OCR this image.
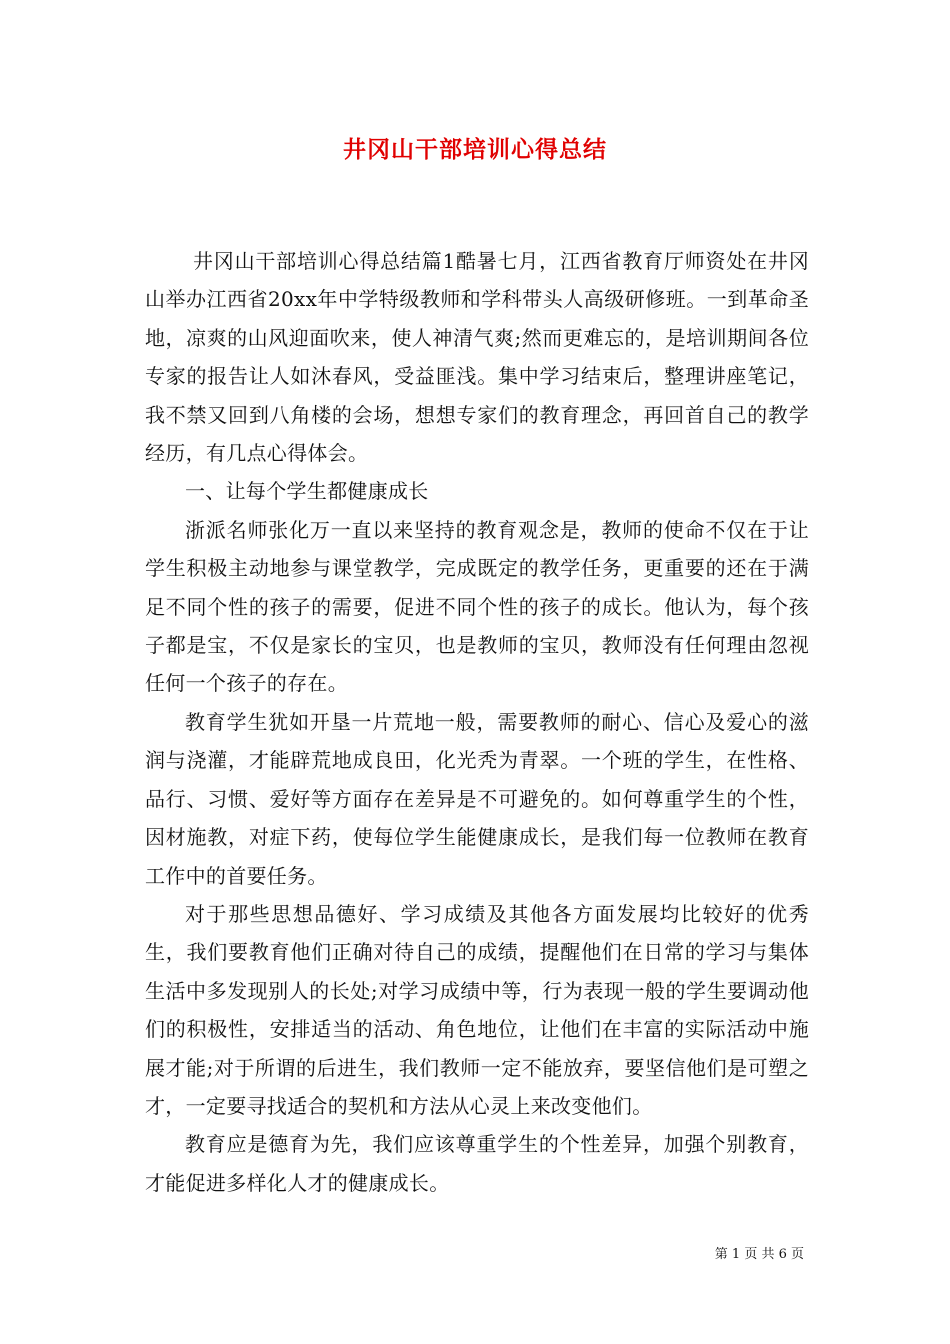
井冈山干部培训心得总结

井冈山干部培训心得总结篇1酷暑七月，江西省教育厅师资处在井冈山举办江西省20xx年中学特级教师和学科带头人高级研修班。一到革命圣地，凉爽的山风迎面吹来，使人神清气爽;然而更难忘的，是培训期间各位专家的报告让人如沐春风，受益匪浅。集中学习结束后，整理讲座笔记，我不禁又回到八角楼的会场，想想专家们的教育理念，再回首自己的教学经历，有几点心得体会。

一、让每个学生都健康成长

浙派名师张化万一直以来坚持的教育观念是，教师的使命不仅在于让学生积极主动地参与课堂教学，完成既定的教学任务，更重要的还在于满足不同个性的孩子的需要，促进不同个性的孩子的成长。他认为，每个孩子都是宝，不仅是家长的宝贝，也是教师的宝贝，教师没有任何理由忽视任何一个孩子的存在。

教育学生犹如开垦一片荒地一般，需要教师的耐心、信心及爱心的滋润与浇灌，才能辟荒地成良田，化光秃为青翠。一个班的学生，在性格、品行、习惯、爱好等方面存在差异是不可避免的。如何尊重学生的个性，因材施教，对症下药，使每位学生能健康成长，是我们每一位教师在教育工作中的首要任务。

对于那些思想品德好、学习成绩及其他各方面发展均比较好的优秀生，我们要教育他们正确对待自己的成绩，提醒他们在日常的学习与集体生活中多发现别人的长处;对学习成绩中等，行为表现一般的学生要调动他们的积极性，安排适当的活动、角色地位，让他们在丰富的实际活动中施展才能;对于所谓的后进生，我们教师一定不能放弃，要坚信他们是可塑之才，一定要寻找适合的契机和方法从心灵上来改变他们。

教育应是德育为先，我们应该尊重学生的个性差异，加强个别教育，才能促进多样化人才的健康成长。

第 1 页 共 6 页
